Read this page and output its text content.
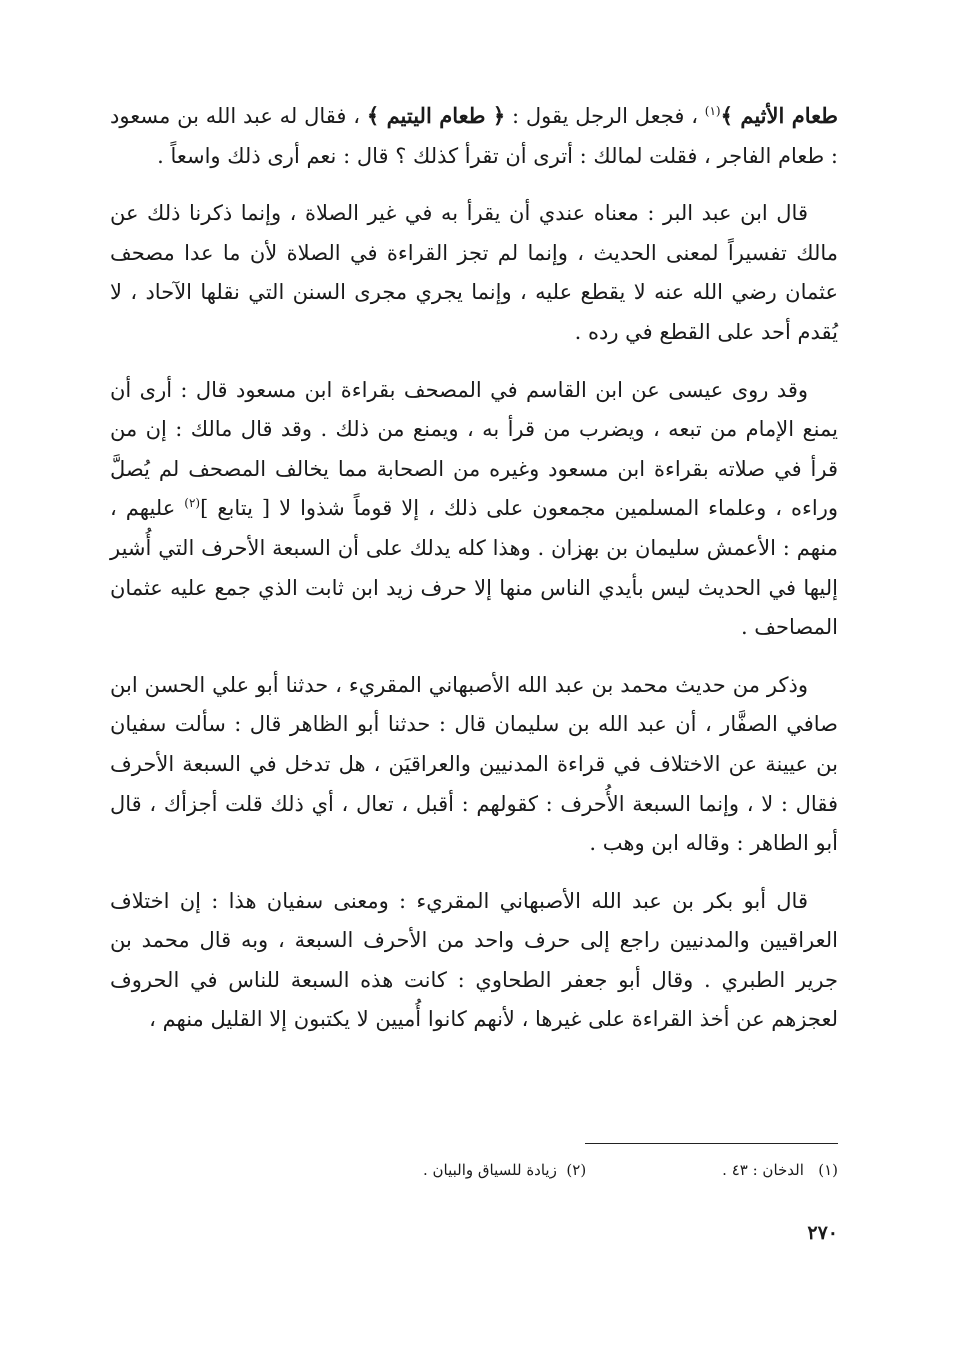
طعام الأثيم ﴾$^{(١)}$ ، فجعل الرجل يقول : ﴿ طعام اليتيم ﴾ ، فقال له عبد الله بن مسعود : طعام الفاجر ، فقلت لمالك : أترى أن تقرأ كذلك ؟ قال : نعم أرى ذلك واسعاً .

قال ابن عبد البر : معناه عندي أن يقرأ به في غير الصلاة ، وإنما ذكرنا ذلك عن مالك تفسيراً لمعنى الحديث ، وإنما لم تجز القراءة في الصلاة لأن ما عدا مصحف عثمان رضي الله عنه لا يقطع عليه ، وإنما يجري مجرى السنن التي نقلها الآحاد ، لا يُقدم أحد على القطع في رده .

وقد روى عيسى عن ابن القاسم في المصحف بقراءة ابن مسعود قال : أرى أن يمنع الإمام من تبعه ، ويضرب من قرأ به ، ويمنع من ذلك . وقد قال مالك : إن من قرأ في صلاته بقراءة ابن مسعود وغيره من الصحابة مما يخالف المصحف لم يُصلَّ وراءه ، وعلماء المسلمين مجمعون على ذلك ، إلا قوماً شذوا لا [ يتابع ]$^{(٢)}$ عليهم ، منهم : الأعمش سليمان بن بهزان . وهذا كله يدلك على أن السبعة الأحرف التي أُشير إليها في الحديث ليس بأيدي الناس منها إلا حرف زيد ابن ثابت الذي جمع عليه عثمان المصاحف .

وذكر من حديث محمد بن عبد الله الأصبهاني المقريء ، حدثنا أبو علي الحسن ابن صافي الصفَّار ، أن عبد الله بن سليمان قال : حدثنا أبو الظاهر قال : سألت سفيان بن عيينة عن الاختلاف في قراءة المدنيين والعراقيَن ، هل تدخل في السبعة الأحرف فقال : لا ، وإنما السبعة الأُحرف : كقولهم : أقبل ، تعال ، أي ذلك قلت أجزأك ، قال أبو الطاهر : وقاله ابن وهب .

قال أبو بكر بن عبد الله الأصبهاني المقريء : ومعنى سفيان هذا : إن اختلاف العراقيين والمدنيين راجع إلى حرف واحد من الأحرف السبعة ، وبه قال محمد بن جرير الطبري . وقال أبو جعفر الطحاوي : كانت هذه السبعة للناس في الحروف لعجزهم عن أخذ القراءة على غيرها ، لأنهم كانوا أُميين لا يكتبون إلا القليل منهم ،

(١)   الدخان : ٤٣ .
(٢)  زيادة للسياق والبيان .
٢٧٠
